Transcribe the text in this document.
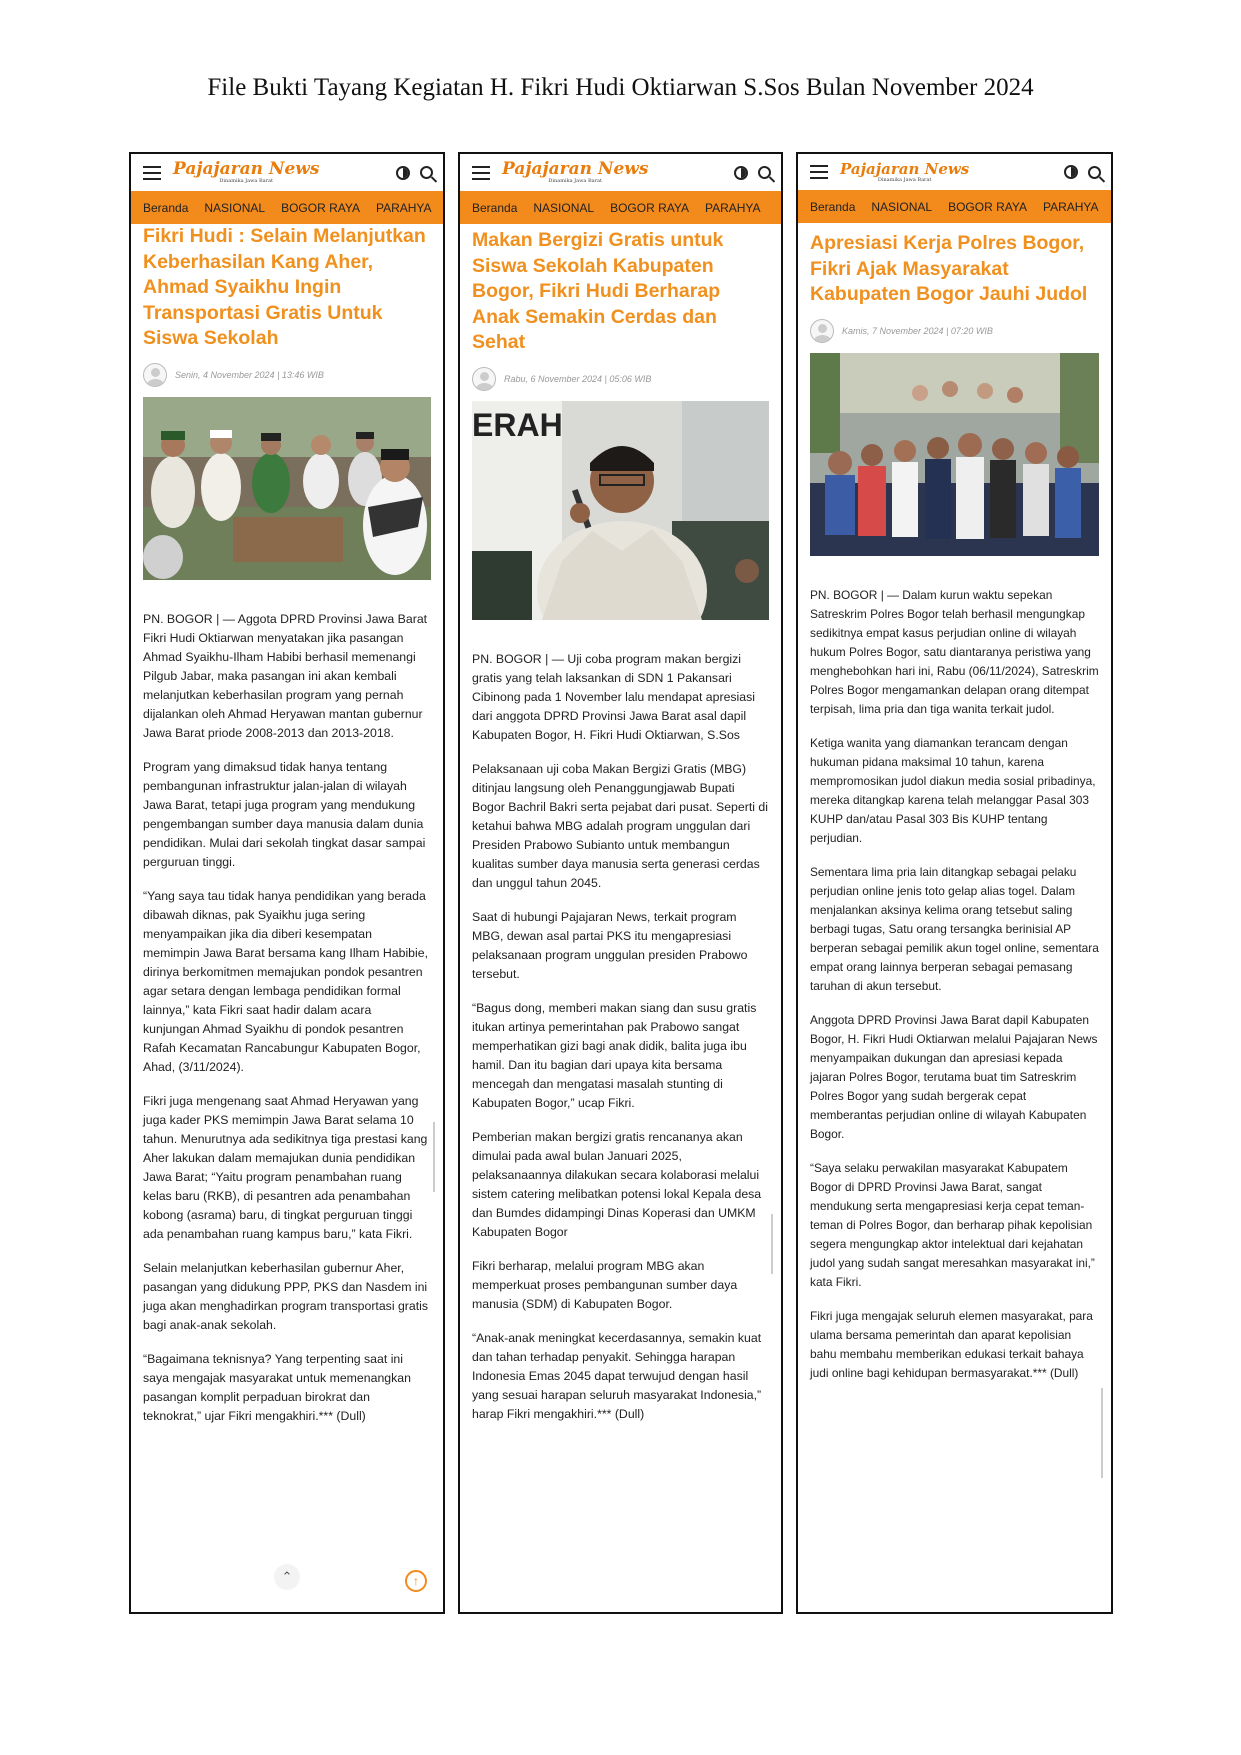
File Bukti Tayang Kegiatan H. Fikri Hudi Oktiarwan S.Sos Bulan November 2024
Pajajaran News
Dinamika Jawa Barat
Beranda NASIONAL BOGOR RAYA PARAHYA
Fikri Hudi : Selain Melanjutkan Keberhasilan Kang Aher, Ahmad Syaikhu Ingin Transportasi Gratis Untuk Siswa Sekolah
Senin, 4 November 2024 | 13:46 WIB

PN. BOGOR | — Aggota DPRD Provinsi Jawa Barat Fikri Hudi Oktiarwan menyatakan jika pasangan Ahmad Syaikhu-Ilham Habibi berhasil memenangi Pilgub Jabar, maka pasangan ini akan kembali melanjutkan keberhasilan program yang pernah dijalankan oleh Ahmad Heryawan mantan gubernur Jawa Barat priode 2008-2013 dan 2013-2018.

Program yang dimaksud tidak hanya tentang pembangunan infrastruktur jalan-jalan di wilayah Jawa Barat, tetapi juga program yang mendukung pengembangan sumber daya manusia dalam dunia pendidikan. Mulai dari sekolah tingkat dasar sampai perguruan tinggi.

“Yang saya tau tidak hanya pendidikan yang berada dibawah diknas, pak Syaikhu juga sering menyampaikan jika dia diberi kesempatan memimpin Jawa Barat bersama kang Ilham Habibie, dirinya berkomitmen memajukan pondok pesantren agar setara dengan lembaga pendidikan formal lainnya,” kata Fikri saat hadir dalam acara kunjungan Ahmad Syaikhu di pondok pesantren Rafah Kecamatan Rancabungur Kabupaten Bogor, Ahad, (3/11/2024).

Fikri juga mengenang saat Ahmad Heryawan yang juga kader PKS memimpin Jawa Barat selama 10 tahun. Menurutnya ada sedikitnya tiga prestasi kang Aher lakukan dalam memajukan dunia pendidikan Jawa Barat; “Yaitu program penambahan ruang kelas baru (RKB), di pesantren ada penambahan kobong (asrama) baru, di tingkat perguruan tinggi ada penambahan ruang kampus baru,” kata Fikri.

Selain melanjutkan keberhasilan gubernur Aher, pasangan yang didukung PPP, PKS dan Nasdem ini juga akan menghadirkan program transportasi gratis bagi anak-anak sekolah.

“Bagaimana teknisnya? Yang terpenting saat ini saya mengajak masyarakat untuk memenangkan pasangan komplit perpaduan birokrat dan teknokrat,” ujar Fikri mengakhiri.*** (Dull)

⌃	↑
Pajajaran News
Dinamika Jawa Barat
Beranda NASIONAL BOGOR RAYA PARAHYA
Makan Bergizi Gratis untuk Siswa Sekolah Kabupaten Bogor, Fikri Hudi Berharap Anak Semakin Cerdas dan Sehat
Rabu, 6 November 2024 | 05:06 WIB
ERAH

PN. BOGOR | — Uji coba program makan bergizi gratis yang telah laksankan di SDN 1 Pakansari Cibinong pada 1 November lalu mendapat apresiasi dari anggota DPRD Provinsi Jawa Barat asal dapil Kabupaten Bogor, H. Fikri Hudi Oktiarwan, S.Sos

Pelaksanaan uji coba Makan Bergizi Gratis (MBG) ditinjau langsung oleh Penanggungjawab Bupati Bogor Bachril Bakri serta pejabat dari pusat. Seperti di ketahui bahwa MBG adalah program unggulan dari Presiden Prabowo Subianto untuk membangun kualitas sumber daya manusia serta generasi cerdas dan unggul tahun 2045.

Saat di hubungi Pajajaran News, terkait program MBG, dewan asal partai PKS itu mengapresiasi pelaksanaan program unggulan presiden Prabowo tersebut.

“Bagus dong, memberi makan siang dan susu gratis itukan artinya pemerintahan pak Prabowo sangat memperhatikan gizi bagi anak didik, balita juga ibu hamil. Dan itu bagian dari upaya kita bersama mencegah dan mengatasi masalah stunting di Kabupaten Bogor,” ucap Fikri.

Pemberian makan bergizi gratis rencananya akan dimulai pada awal bulan Januari 2025, pelaksanaannya dilakukan secara kolaborasi melalui sistem catering melibatkan potensi lokal Kepala desa dan Bumdes didampingi Dinas Koperasi dan UMKM Kabupaten Bogor

Fikri berharap, melalui program MBG akan memperkuat proses pembangunan sumber daya manusia (SDM) di Kabupaten Bogor.

“Anak-anak meningkat kecerdasannya, semakin kuat dan tahan terhadap penyakit. Sehingga harapan Indonesia Emas 2045 dapat terwujud dengan hasil yang sesuai harapan seluruh masyarakat Indonesia,” harap Fikri mengakhiri.*** (Dull)

Pajajaran News
Dinamika Jawa Barat
Beranda NASIONAL BOGOR RAYA PARAHYA
Apresiasi Kerja Polres Bogor, Fikri Ajak Masyarakat Kabupaten Bogor Jauhi Judol
Kamis, 7 November 2024 | 07:20 WIB

PN. BOGOR | — Dalam kurun waktu sepekan Satreskrim Polres Bogor telah berhasil mengungkap sedikitnya empat kasus perjudian online di wilayah hukum Polres Bogor, satu diantaranya peristiwa yang menghebohkan hari ini, Rabu (06/11/2024), Satreskrim Polres Bogor mengamankan delapan orang ditempat terpisah, lima pria dan tiga wanita terkait judol.

Ketiga wanita yang diamankan terancam dengan hukuman pidana maksimal 10 tahun, karena mempromosikan judol diakun media sosial pribadinya, mereka ditangkap karena telah melanggar Pasal 303 KUHP dan/atau Pasal 303 Bis KUHP tentang perjudian.

Sementara lima pria lain ditangkap sebagai pelaku perjudian online jenis toto gelap alias togel. Dalam menjalankan aksinya kelima orang tetsebut saling berbagi tugas, Satu orang tersangka berinisial AP berperan sebagai pemilik akun togel online, sementara empat orang lainnya berperan sebagai pemasang taruhan di akun tersebut.

Anggota DPRD Provinsi Jawa Barat dapil Kabupaten Bogor, H. Fikri Hudi Oktiarwan melalui Pajajaran News menyampaikan dukungan dan apresiasi kepada jajaran Polres Bogor, terutama buat tim Satreskrim Polres Bogor yang sudah bergerak cepat memberantas perjudian online di wilayah Kabupaten Bogor.

“Saya selaku perwakilan masyarakat Kabupatem Bogor di DPRD Provinsi Jawa Barat, sangat mendukung serta mengapresiasi kerja cepat teman-teman di Polres Bogor, dan berharap pihak kepolisian segera mengungkap aktor intelektual dari kejahatan judol yang sudah sangat meresahkan masyarakat ini,” kata Fikri.

Fikri juga mengajak seluruh elemen masyarakat, para ulama bersama pemerintah dan aparat kepolisian bahu membahu memberikan edukasi terkait bahaya judi online bagi kehidupan bermasyarakat.*** (Dull)
